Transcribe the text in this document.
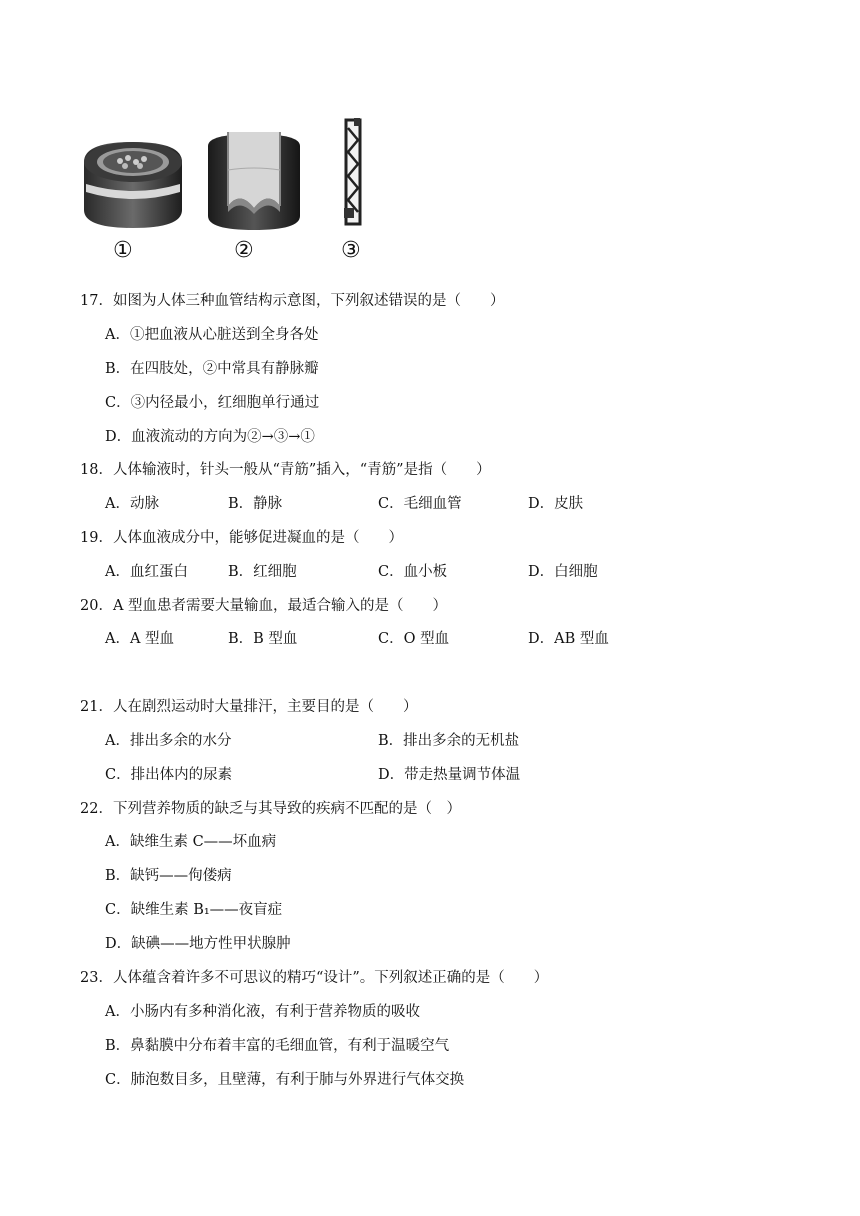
①	②	③
17．如图为人体三种血管结构示意图，下列叙述错误的是（　　）
A．①把血液从心脏送到全身各处
B．在四肢处，②中常具有静脉瓣
C．③内径最小，红细胞单行通过
D．血液流动的方向为②→③→①
18．人体输液时，针头一般从“青筋”插入，“青筋”是指（　　）
A．动脉	B．静脉	C．毛细血管	D．皮肤
19．人体血液成分中，能够促进凝血的是（　　）
A．血红蛋白	B．红细胞	C．血小板	D．白细胞
20．A 型血患者需要大量输血，最适合输入的是（　　）
A．A 型血	B．B 型血	C．O 型血	D．AB 型血
21．人在剧烈运动时大量排汗，主要目的是（　　）
A．排出多余的水分	B．排出多余的无机盐
C．排出体内的尿素	D．带走热量调节体温
22．下列营养物质的缺乏与其导致的疾病不匹配的是（　）
A．缺维生素 C——坏血病
B．缺钙——佝偻病
C．缺维生素 B₁——夜盲症
D．缺碘——地方性甲状腺肿
23．人体蕴含着许多不可思议的精巧“设计”。下列叙述正确的是（　　）
A．小肠内有多种消化液，有利于营养物质的吸收
B．鼻黏膜中分布着丰富的毛细血管，有利于温暖空气
C．肺泡数目多，且壁薄，有利于肺与外界进行气体交换
